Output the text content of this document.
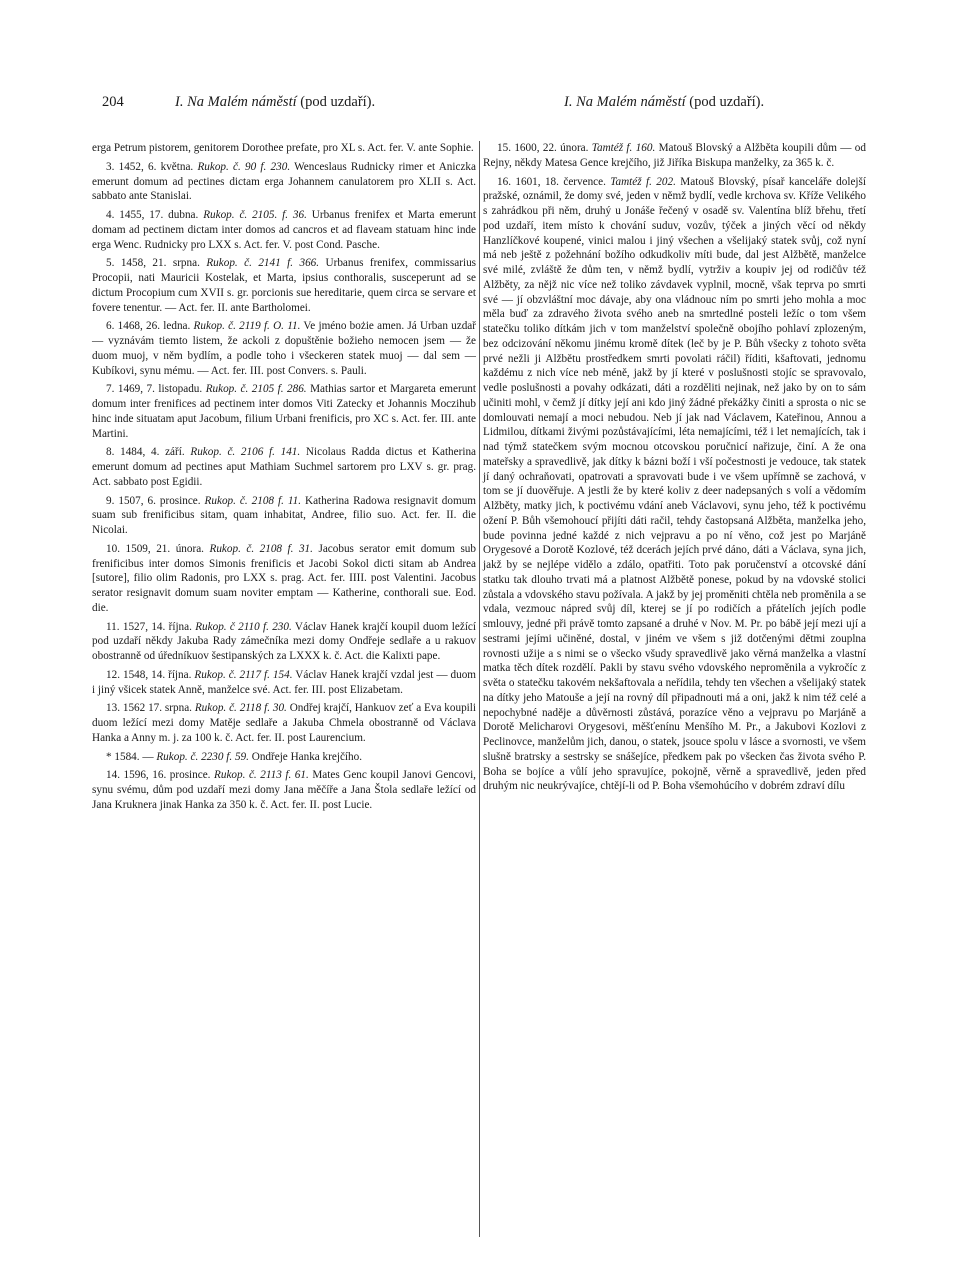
204	I. Na Malém náměstí (pod uzdaří).	I. Na Malém náměstí (pod uzdaří).

erga Petrum pistorem, genitorem Dorothee prefate, pro XL s. Act. fer. V. ante Sophie.

3. 1452, 6. května. Rukop. č. 90 f. 230. Wenceslaus Rudnicky rimer et Aniczka emerunt domum ad pectines dictam erga Johannem canulatorem pro XLII s. Act. sabbato ante Stanislai.

4. 1455, 17. dubna. Rukop. č. 2105. f. 36. Urbanus frenifex et Marta emerunt domam ad pectinem dictam inter domos ad cancros et ad flaveam statuam hinc inde erga Wenc. Rudnicky pro LXX s. Act. fer. V. post Cond. Pasche.

5. 1458, 21. srpna. Rukop. č. 2141 f. 366. Urbanus frenifex, commissarius Procopii, nati Mauricii Kostelak, et Marta, ipsius conthoralis, susceperunt ad se dictum Procopium cum XVII s. gr. porcionis sue hereditarie, quem circa se servare et fovere tenentur. — Act. fer. II. ante Bartholomei.

6. 1468, 26. ledna. Rukop. č. 2119 f. O. 11. Ve jméno bożie amen. Já Urban uzdař — vyznávám tiemto listem, že ackoli z dopuštěnie božieho nemocen jsem — že duom muoj, v něm bydlím, a podle toho i všeckeren statek muoj — dal sem — Kubíkovi, synu mému. — Act. fer. III. post Convers. s. Pauli.

7. 1469, 7. listopadu. Rukop. č. 2105 f. 286. Mathias sartor et Margareta emerunt domum inter frenifices ad pectinem inter domos Viti Zatecky et Johannis Moczihub hinc inde situatam aput Jacobum, filium Urbani frenificis, pro XC s. Act. fer. III. ante Martini.

8. 1484, 4. září. Rukop. č. 2106 f. 141. Nicolaus Radda dictus et Katherina emerunt domum ad pectines aput Mathiam Suchmel sartorem pro LXV s. gr. prag. Act. sabbato post Egidii.

9. 1507, 6. prosince. Rukop. č. 2108 f. 11. Katherina Radowa resignavit domum suam sub frenificibus sitam, quam inhabitat, Andree, filio suo. Act. fer. II. die Nicolai.

10. 1509, 21. února. Rukop. č. 2108 f. 31. Jacobus serator emit domum sub frenificibus inter domos Simonis frenificis et Jacobi Sokol dicti sitam ab Andrea [sutore], filio olim Radonis, pro LXX s. prag. Act. fer. IIII. post Valentini. Jacobus serator resignavit domum suam noviter emptam — Katherine, conthorali sue. Eod. die.

11. 1527, 14. října. Rukop. č 2110 f. 230. Václav Hanek krajčí koupil duom ležící pod uzdaří někdy Jakuba Rady zámečníka mezi domy Ondřeje sedlaře a u rakuov obostranně od úředníkuov šestipanských za LXXX k. č. Act. die Kalixti pape.

12. 1548, 14. října. Rukop. č. 2117 f. 154. Václav Hanek krajčí vzdal jest — duom i jiný všicek statek Anně, manželce své. Act. fer. III. post Elizabetam.

13. 1562 17. srpna. Rukop. č. 2118 f. 30. Ondřej krajčí, Hankuov zeť a Eva koupili duom ležící mezi domy Matěje sedlaře a Jakuba Chmela obostranně od Václava Hanka a Anny m. j. za 100 k. č. Act. fer. II. post Laurencium.

* 1584. — Rukop. č. 2230 f. 59. Ondřeje Hanka krejčího.

14. 1596, 16. prosince. Rukop. č. 2113 f. 61. Mates Genc koupil Janovi Gencovi, synu svému, dům pod uzdaří mezi domy Jana měčíře a Jana Štola sedlaře ležící od Jana Kruknera jinak Hanka za 350 k. č. Act. fer. II. post Lucie.

15. 1600, 22. února. Tamtéž f. 160. Matouš Blovský a Alžběta koupili dům — od Rejny, někdy Matesa Gence krejčího, již Jiříka Biskupa manželky, za 365 k. č.

16. 1601, 18. července. Tamtéž f. 202. Matouš Blovský, písař kanceláře dolejší pražské, oznámil, že domy své, jeden v němž bydlí, vedle krchova sv. Kříže Velikého s zahrádkou při něm, druhý u Jonáše řečený v osadě sv. Valentína blíž břehu, třetí pod uzdaří, item místo k chování suduv, vozův, týček a jiných věcí od někdy Hanzlíčkové koupené, vinici malou i jiný všechen a všelijaký statek svůj, což nyní má neb ještě z požehnání božího odkudkoliv míti bude, dal jest Alžbětě, manželce své milé, zvláště že dům ten, v němž bydlí, vytrživ a koupiv jej od rodičův též Alžběty, za nějž nic více než toliko závdavek vyplnil, mocně, však teprva po smrti své — jí obzvláštní moc dávaje, aby ona vládnouc ním po smrti jeho mohla a moc měla buď za zdravého života svého aneb na smrtedlné posteli ležíc o tom všem statečku toliko dítkám jich v tom manželství společně obojího pohlaví zplozeným, bez odcizování někomu jinému kromě dítek (leč by je P. Bůh všecky z tohoto světa prvé nežli ji Alžbětu prostředkem smrti povolati ráčil) říditi, kšaftovati, jednomu každému z nich více neb méně, jakž by jí které v poslušnosti stojíc se spravovalo, vedle poslušnosti a povahy odkázati, dáti a rozděliti nejinak, než jako by on to sám učiniti mohl, v čemž jí dítky její ani kdo jiný žádné překážky činiti a sprosta o nic se domlouvati nemají a moci nebudou. Neb jí jak nad Václavem, Kateřinou, Annou a Lidmilou, dítkami živými pozůstávajícími, léta nemajícími, též i let nemajících, tak i nad týmž statečkem svým mocnou otcovskou poručnicí nařizuje, činí. A že ona mateřsky a spravedlivě, jak dítky k bázni boží i vší počestnosti je vedouce, tak statek jí daný ochraňovati, opatrovati a spravovati bude i ve všem upřímně se zachová, v tom se jí duověřuje. A jestli že by které koliv z deer nadepsaných s volí a vědomím Alžběty, matky jich, k poctivému vdání aneb Václavovi, synu jeho, též k poctivému ožení P. Bůh všemohoucí přijíti dáti račil, tehdy častopsaná Alžběta, manželka jeho, bude povinna jedné každé z nich vejpravu a po ní věno, což jest po Marjáně Orygesové a Dorotě Kozlové, též dcerách jejích prvé dáno, dáti a Václava, syna jich, jakž by se nejlépe vidělo a zdálo, opatřiti. Toto pak poručenství a otcovské dání statku tak dlouho trvati má a platnost Alžbětě ponese, pokud by na vdovské stolici zůstala a vdovského stavu požívala. A jakž by jej proměniti chtěla neb proměnila a se vdala, vezmouc nápred svůj díl, kterej se jí po rodičích a přátelích jejích podle smlouvy, jedné při právě tomto zapsané a druhé v Nov. M. Pr. po bábě její mezi ují a sestrami jejími učiněné, dostal, v jiném ve všem s již dotčenými dětmi zouplna rovnosti užije a s nimi se o všecko všudy spravedlivě jako věrná manželka a vlastní matka těch dítek rozdělí. Pakli by stavu svého vdovského neproměnila a vykročíc z světa o statečku takovém nekšaftovala a neřídila, tehdy ten všechen a všelijaký statek na dítky jeho Matouše a její na rovný díl připadnouti má a oni, jakž k nim též celé a nepochybné naděje a důvěrnosti zůstává, porazíce věno a vejpravu po Marjáně a Dorotě Melicharovi Orygesovi, měšťenínu Menšího M. Pr., a Jakubovi Kozlovi z Peclinovce, manželům jich, danou, o statek, jsouce spolu v lásce a svornosti, ve všem slušně bratrsky a sestrsky se snášejíce, předkem pak po všecken čas života svého P. Boha se bojíce a vůlí jeho spravujíce, pokojně, věrně a spravedlivě, jeden před druhým nic neukrývajíce, chtějí-li od P. Boha všemohúcího v dobrém zdraví dílu
